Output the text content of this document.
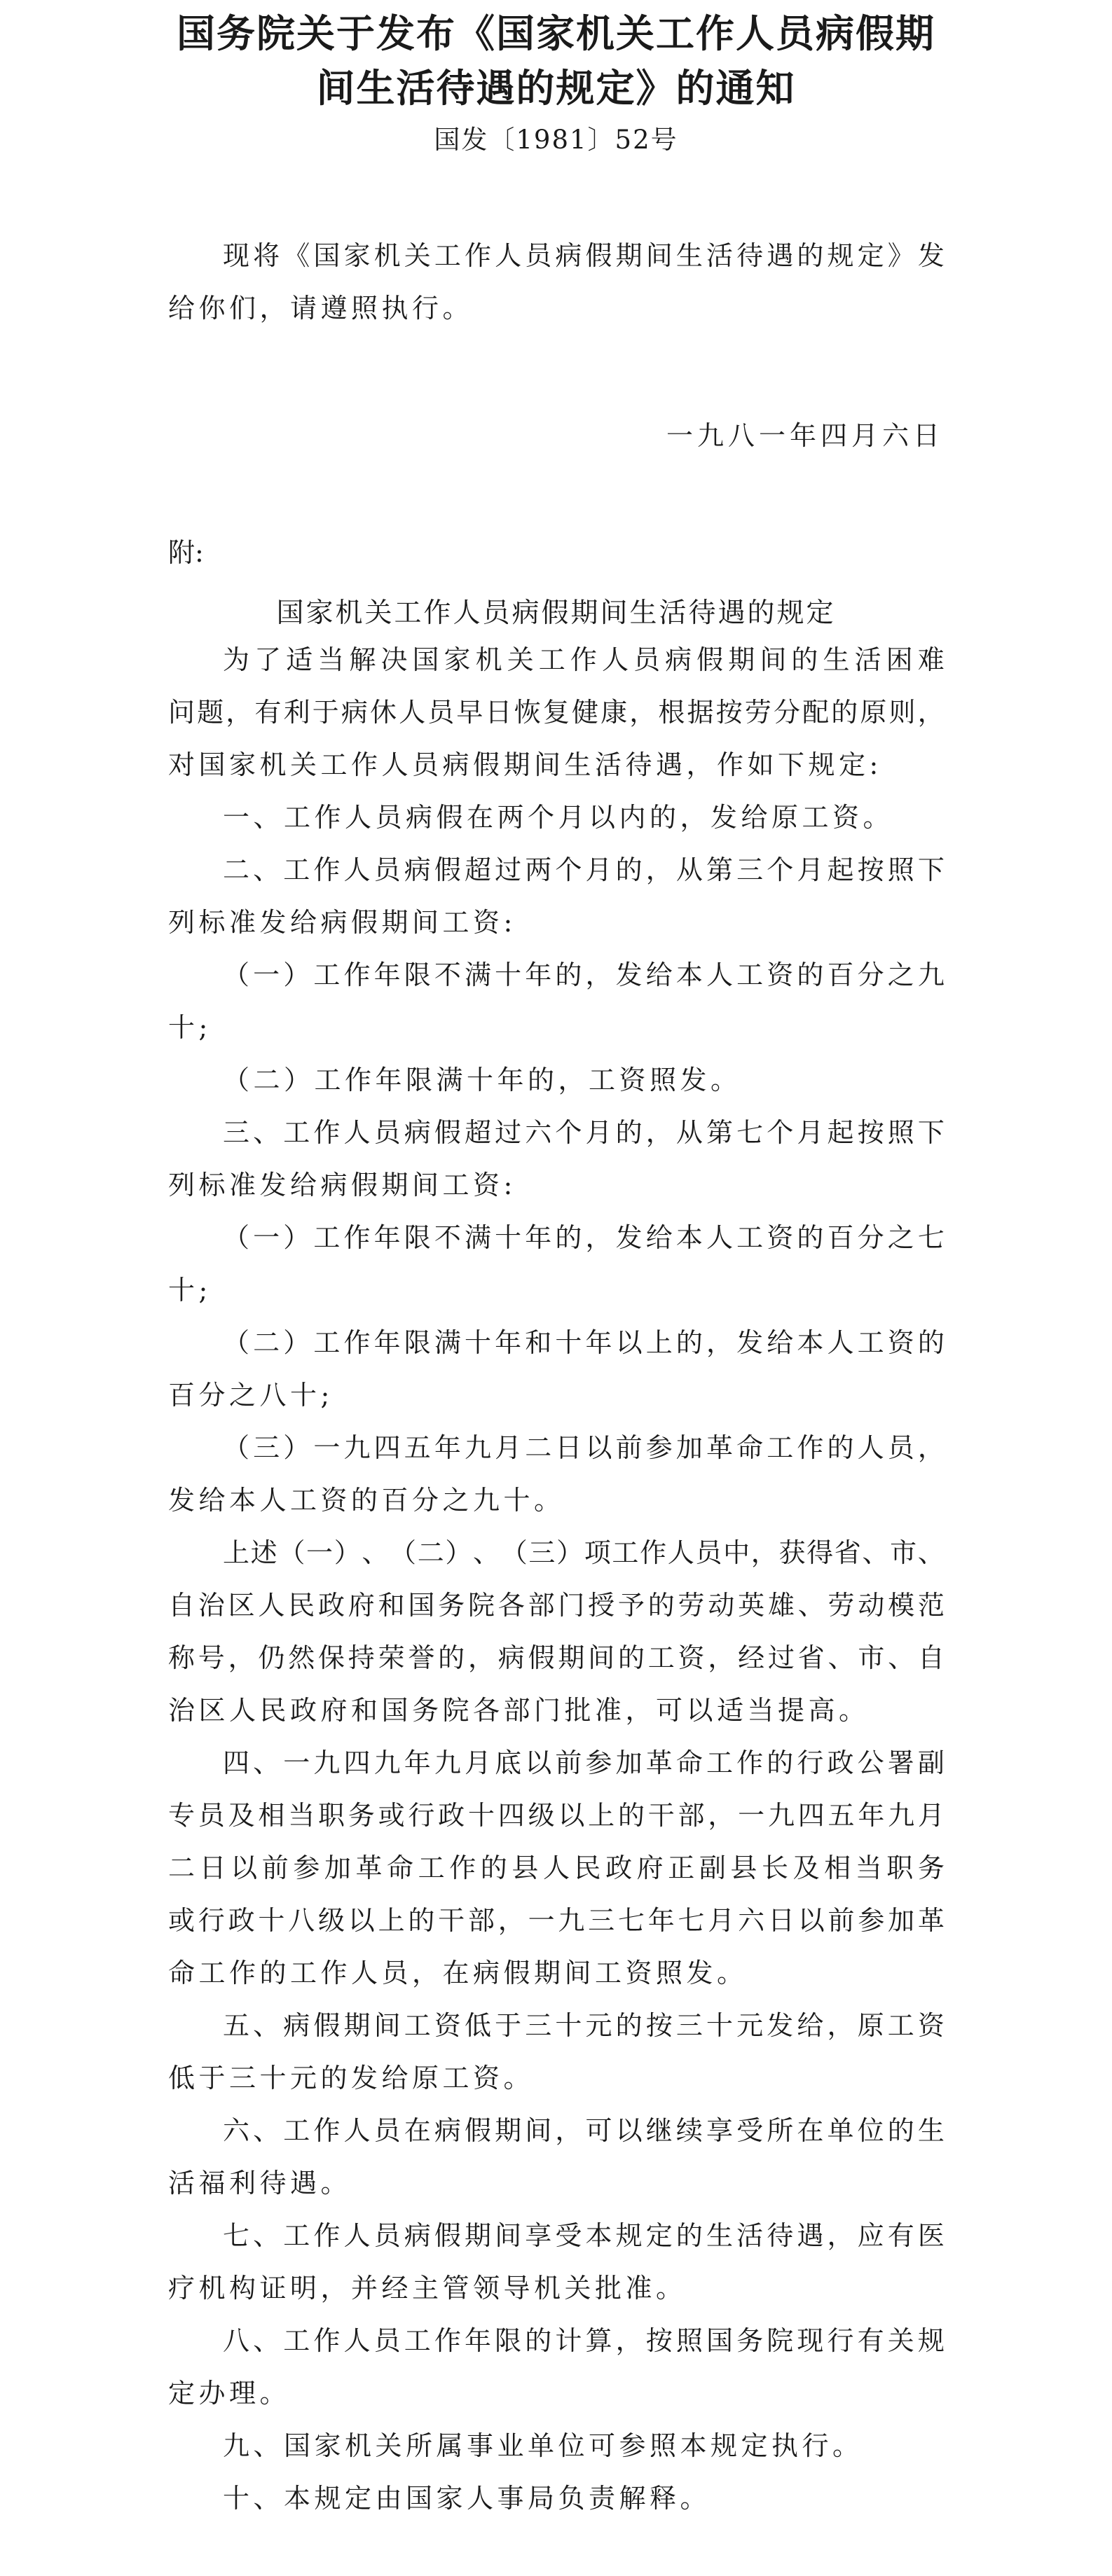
国务院关于发布《国家机关工作人员病假期
间生活待遇的规定》的通知
国发〔1981〕52号

现 将 《 国 家 机 关 工 作 人 员 病 假 期 间 生 活 待 遇 的 规 定 》 发

给你们，请遵照执行。

一九八一年四月六日
附:
国家机关工作人员病假期间生活待遇的规定

为 了 适 当 解 决 国 家 机 关 工 作 人 员 病 假 期 间 的 生 活 困 难

问 题 ， 有 利 于 病 休 人 员 早 日 恢 复 健 康 ， 根 据 按 劳 分 配 的 原 则 ，

对国家机关工作人员病假期间生活待遇，作如下规定:

一、工作人员病假在两个月以内的，发给原工资。

二 、 工 作 人 员 病 假 超 过 两 个 月 的 ， 从 第 三 个 月 起 按 照 下

列标准发给病假期间工资:

（ 一 ） 工 作 年 限 不 满 十 年 的 ， 发 给 本 人 工 资 的 百 分 之 九

十;

（二）工作年限满十年的，工资照发。

三 、 工 作 人 员 病 假 超 过 六 个 月 的 ， 从 第 七 个 月 起 按 照 下

列标准发给病假期间工资:

（ 一 ） 工 作 年 限 不 满 十 年 的 ， 发 给 本 人 工 资 的 百 分 之 七

十;

（ 二 ） 工 作 年 限 满 十 年 和 十 年 以 上 的 ， 发 给 本 人 工 资 的

百分之八十;

（ 三 ） 一 九 四 五 年 九 月 二 日 以 前 参 加 革 命 工 作 的 人 员 ，

发给本人工资的百分之九十。

上 述 （ 一 ） 、 （ 二 ） 、 （ 三 ） 项 工 作 人 员 中 ， 获 得 省 、 市 、

自 治 区 人 民 政 府 和 国 务 院 各 部 门 授 予 的 劳 动 英 雄 、 劳 动 模 范

称 号 ， 仍 然 保 持 荣 誉 的 ， 病 假 期 间 的 工 资 ， 经 过 省 、 市 、 自

治区人民政府和国务院各部门批准，可以适当提高。

四 、 一 九 四 九 年 九 月 底 以 前 参 加 革 命 工 作 的 行 政 公 署 副

专 员 及 相 当 职 务 或 行 政 十 四 级 以 上 的 干 部 ， 一 九 四 五 年 九 月

二 日 以 前 参 加 革 命 工 作 的 县 人 民 政 府 正 副 县 长 及 相 当 职 务

或 行 政 十 八 级 以 上 的 干 部 ， 一 九 三 七 年 七 月 六 日 以 前 参 加 革

命工作的工作人员，在病假期间工资照发。

五 、 病 假 期 间 工 资 低 于 三 十 元 的 按 三 十 元 发 给 ， 原 工 资

低于三十元的发给原工资。

六 、 工 作 人 员 在 病 假 期 间 ， 可 以 继 续 享 受 所 在 单 位 的 生

活福利待遇。

七 、 工 作 人 员 病 假 期 间 享 受 本 规 定 的 生 活 待 遇 ， 应 有 医

疗机构证明，并经主管领导机关批准。

八 、 工 作 人 员 工 作 年 限 的 计 算 ， 按 照 国 务 院 现 行 有 关 规

定办理。

九、国家机关所属事业单位可参照本规定执行。

十、本规定由国家人事局负责解释。
